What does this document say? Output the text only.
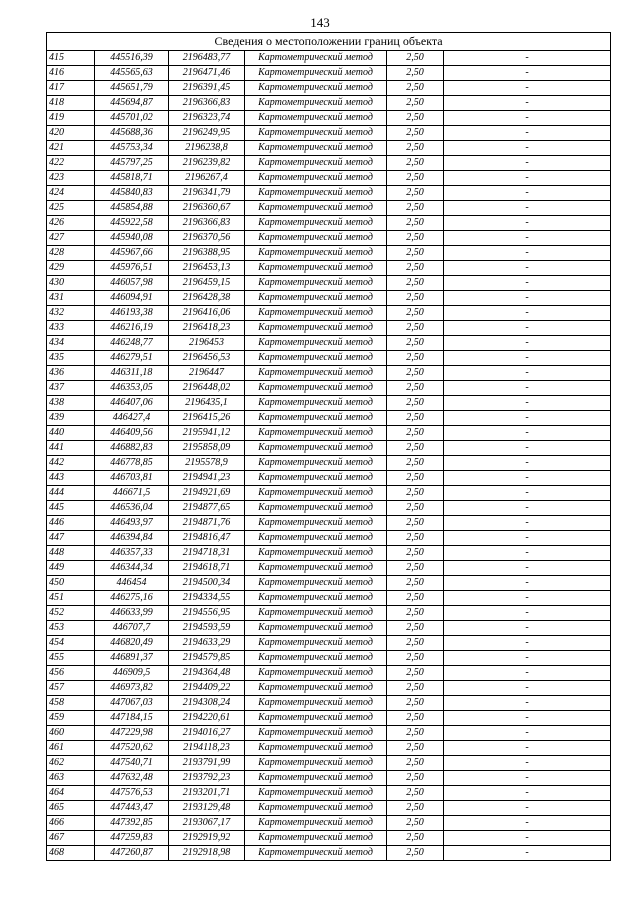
143
Сведения о местоположении границ объекта					
415	445516,39	2196483,77	Картометрический метод	2,50	-
416	445565,63	2196471,46	Картометрический метод	2,50	-
417	445651,79	2196391,45	Картометрический метод	2,50	-
418	445694,87	2196366,83	Картометрический метод	2,50	-
419	445701,02	2196323,74	Картометрический метод	2,50	-
420	445688,36	2196249,95	Картометрический метод	2,50	-
421	445753,34	2196238,8	Картометрический метод	2,50	-
422	445797,25	2196239,82	Картометрический метод	2,50	-
423	445818,71	2196267,4	Картометрический метод	2,50	-
424	445840,83	2196341,79	Картометрический метод	2,50	-
425	445854,88	2196360,67	Картометрический метод	2,50	-
426	445922,58	2196366,83	Картометрический метод	2,50	-
427	445940,08	2196370,56	Картометрический метод	2,50	-
428	445967,66	2196388,95	Картометрический метод	2,50	-
429	445976,51	2196453,13	Картометрический метод	2,50	-
430	446057,98	2196459,15	Картометрический метод	2,50	-
431	446094,91	2196428,38	Картометрический метод	2,50	-
432	446193,38	2196416,06	Картометрический метод	2,50	-
433	446216,19	2196418,23	Картометрический метод	2,50	-
434	446248,77	2196453	Картометрический метод	2,50	-
435	446279,51	2196456,53	Картометрический метод	2,50	-
436	446311,18	2196447	Картометрический метод	2,50	-
437	446353,05	2196448,02	Картометрический метод	2,50	-
438	446407,06	2196435,1	Картометрический метод	2,50	-
439	446427,4	2196415,26	Картометрический метод	2,50	-
440	446409,56	2195941,12	Картометрический метод	2,50	-
441	446882,83	2195858,09	Картометрический метод	2,50	-
442	446778,85	2195578,9	Картометрический метод	2,50	-
443	446703,81	2194941,23	Картометрический метод	2,50	-
444	446671,5	2194921,69	Картометрический метод	2,50	-
445	446536,04	2194877,65	Картометрический метод	2,50	-
446	446493,97	2194871,76	Картометрический метод	2,50	-
447	446394,84	2194816,47	Картометрический метод	2,50	-
448	446357,33	2194718,31	Картометрический метод	2,50	-
449	446344,34	2194618,71	Картометрический метод	2,50	-
450	446454	2194500,34	Картометрический метод	2,50	-
451	446275,16	2194334,55	Картометрический метод	2,50	-
452	446633,99	2194556,95	Картометрический метод	2,50	-
453	446707,7	2194593,59	Картометрический метод	2,50	-
454	446820,49	2194633,29	Картометрический метод	2,50	-
455	446891,37	2194579,85	Картометрический метод	2,50	-
456	446909,5	2194364,48	Картометрический метод	2,50	-
457	446973,82	2194409,22	Картометрический метод	2,50	-
458	447067,03	2194308,24	Картометрический метод	2,50	-
459	447184,15	2194220,61	Картометрический метод	2,50	-
460	447229,98	2194016,27	Картометрический метод	2,50	-
461	447520,62	2194118,23	Картометрический метод	2,50	-
462	447540,71	2193791,99	Картометрический метод	2,50	-
463	447632,48	2193792,23	Картометрический метод	2,50	-
464	447576,53	2193201,71	Картометрический метод	2,50	-
465	447443,47	2193129,48	Картометрический метод	2,50	-
466	447392,85	2193067,17	Картометрический метод	2,50	-
467	447259,83	2192919,92	Картометрический метод	2,50	-
468	447260,87	2192918,98	Картометрический метод	2,50	-
